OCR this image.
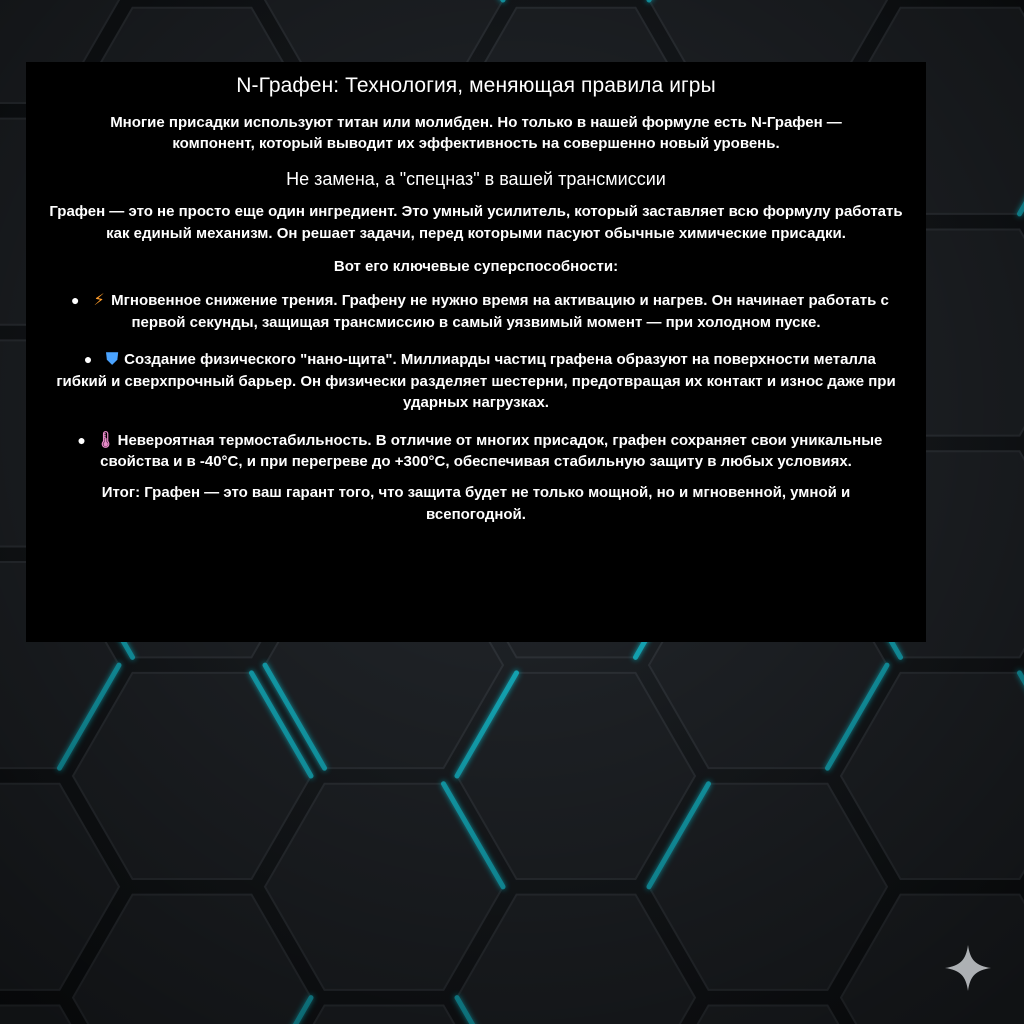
N-Графен: Технология, меняющая правила игры

Многие присадки используют титан или молибден. Но только в нашей формуле есть N-Графен — компонент, который выводит их эффективность на совершенно новый уровень.

Не замена, а "спецназ" в вашей трансмиссии

Графен — это не просто еще один ингредиент. Это умный усилитель, который заставляет всю формулу работать как единый механизм. Он решает задачи, перед которыми пасуют обычные химические присадки.

Вот его ключевые суперспособности:

● ⚡ Мгновенное снижение трения. Графену не нужно время на активацию и нагрев. Он начинает работать с первой секунды, защищая трансмиссию в самый уязвимый момент — при холодном пуске.
● ⛊ Создание физического "нано-щита". Миллиарды частиц графена образуют на поверхности металла гибкий и сверхпрочный барьер. Он физически разделяет шестерни, предотвращая их контакт и износ даже при ударных нагрузках.
● 🌡 Невероятная термостабильность. В отличие от многих присадок, графен сохраняет свои уникальные свойства и в -40°C, и при перегреве до +300°C, обеспечивая стабильную защиту в любых условиях.

Итог: Графен — это ваш гарант того, что защита будет не только мощной, но и мгновенной, умной и всепогодной.
